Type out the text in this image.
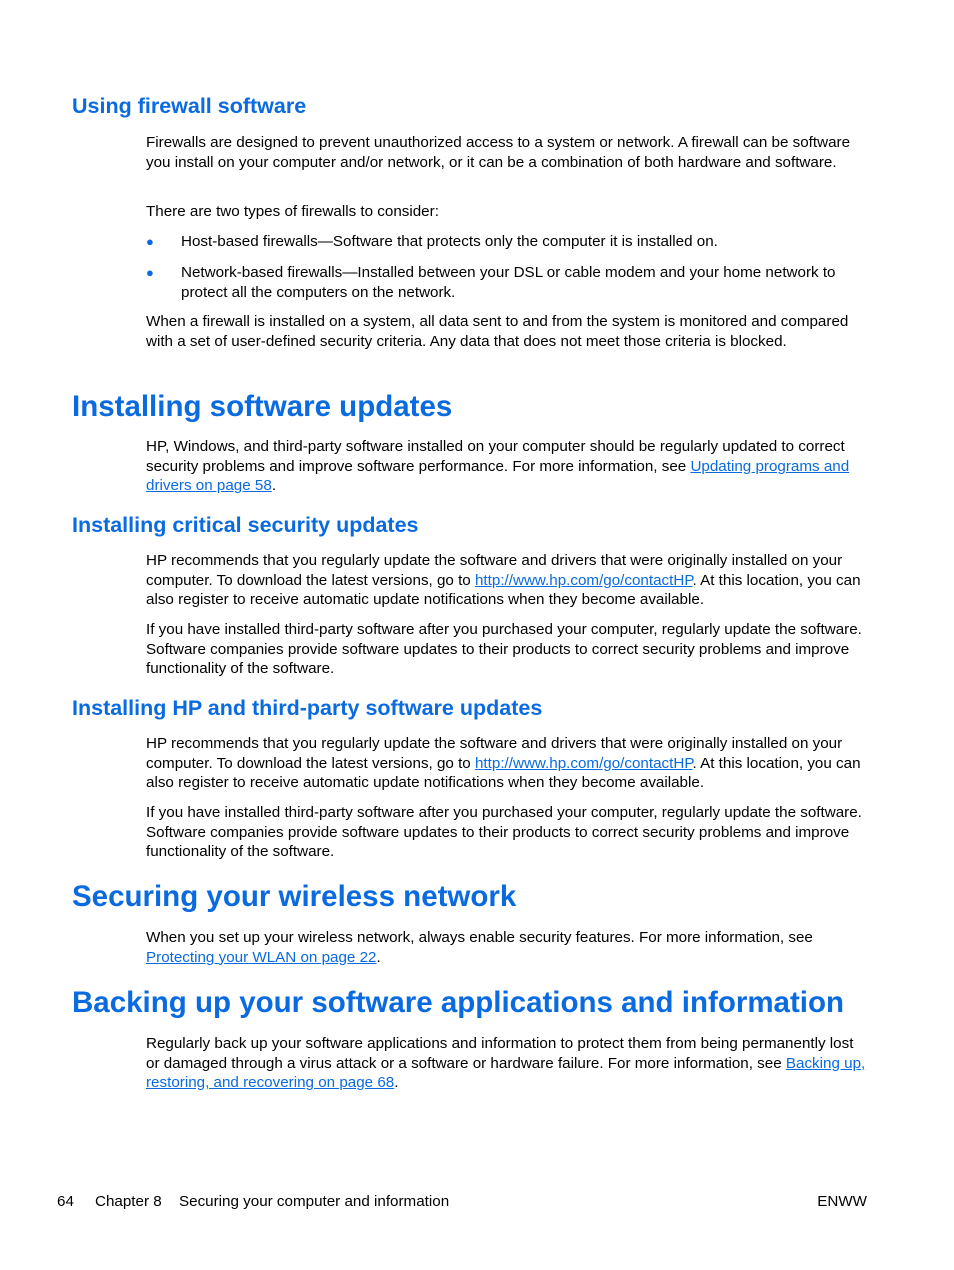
Using firewall software

Firewalls are designed to prevent unauthorized access to a system or network. A firewall can be software you install on your computer and/or network, or it can be a combination of both hardware and software.

There are two types of firewalls to consider:

● Host-based firewalls—Software that protects only the computer it is installed on.
● Network-based firewalls—Installed between your DSL or cable modem and your home network to protect all the computers on the network.

When a firewall is installed on a system, all data sent to and from the system is monitored and compared with a set of user-defined security criteria. Any data that does not meet those criteria is blocked.

Installing software updates

HP, Windows, and third-party software installed on your computer should be regularly updated to correct security problems and improve software performance. For more information, see Updating programs and drivers on page 58.

Installing critical security updates

HP recommends that you regularly update the software and drivers that were originally installed on your computer. To download the latest versions, go to http://www.hp.com/go/contactHP. At this location, you can also register to receive automatic update notifications when they become available.

If you have installed third-party software after you purchased your computer, regularly update the software. Software companies provide software updates to their products to correct security problems and improve functionality of the software.

Installing HP and third-party software updates

HP recommends that you regularly update the software and drivers that were originally installed on your computer. To download the latest versions, go to http://www.hp.com/go/contactHP. At this location, you can also register to receive automatic update notifications when they become available.

If you have installed third-party software after you purchased your computer, regularly update the software. Software companies provide software updates to their products to correct security problems and improve functionality of the software.

Securing your wireless network

When you set up your wireless network, always enable security features. For more information, see Protecting your WLAN on page 22.

Backing up your software applications and information

Regularly back up your software applications and information to protect them from being permanently lost or damaged through a virus attack or a software or hardware failure. For more information, see Backing up, restoring, and recovering on page 68.

64 Chapter 8 Securing your computer and information	ENWW
